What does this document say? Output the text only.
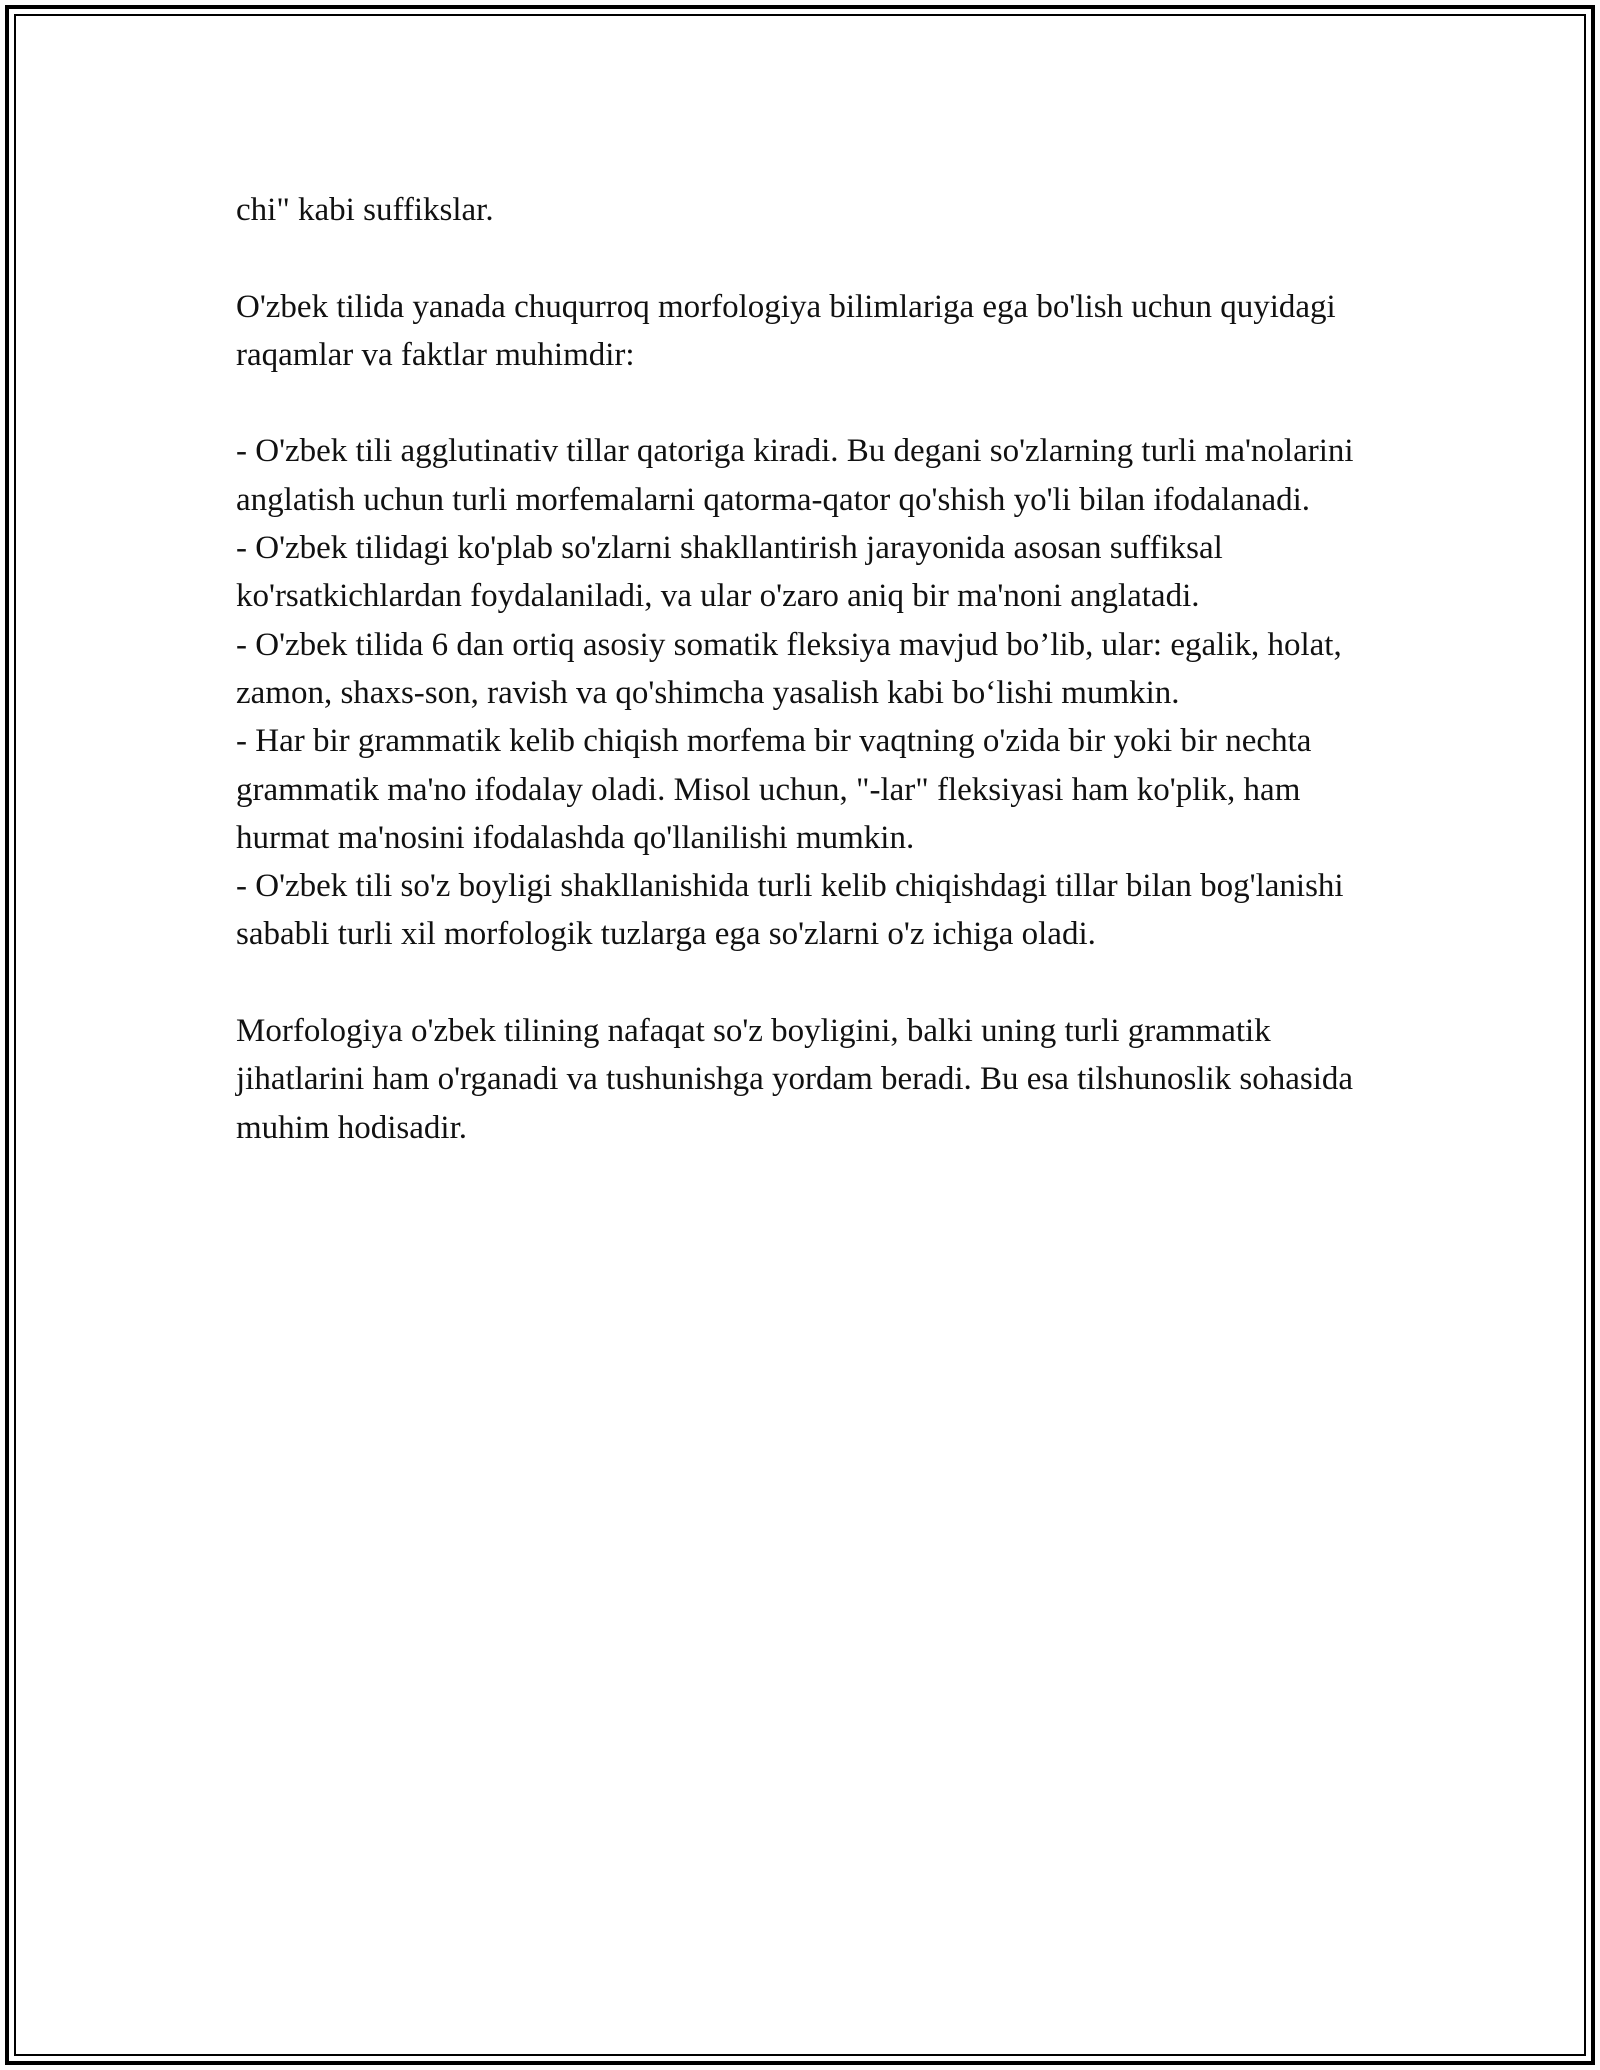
chi" kabi suffikslar.

O'zbek tilida yanada chuqurroq morfologiya bilimlariga ega bo'lish uchun quyidagi raqamlar va faktlar muhimdir:

- O'zbek tili agglutinativ tillar qatoriga kiradi. Bu degani so'zlarning turli ma'nolarini anglatish uchun turli morfemalarni qatorma-qator qo'shish yo'li bilan ifodalanadi.

- O'zbek tilidagi ko'plab so'zlarni shakllantirish jarayonida asosan suffiksal ko'rsatkichlardan foydalaniladi, va ular o'zaro aniq bir ma'noni anglatadi.

- O'zbek tilida 6 dan ortiq asosiy somatik fleksiya mavjud bo’lib, ular: egalik, holat, zamon, shaxs-son, ravish va qo'shimcha yasalish kabi bo‘lishi mumkin.

- Har bir grammatik kelib chiqish morfema bir vaqtning o'zida bir yoki bir nechta grammatik ma'no ifodalay oladi. Misol uchun, "-lar" fleksiyasi ham ko'plik, ham hurmat ma'nosini ifodalashda qo'llanilishi mumkin.

- O'zbek tili so'z boyligi shakllanishida turli kelib chiqishdagi tillar bilan bog'lanishi sababli turli xil morfologik tuzlarga ega so'zlarni o'z ichiga oladi.

Morfologiya o'zbek tilining nafaqat so'z boyligini, balki uning turli grammatik jihatlarini ham o'rganadi va tushunishga yordam beradi. Bu esa tilshunoslik sohasida muhim hodisadir.
